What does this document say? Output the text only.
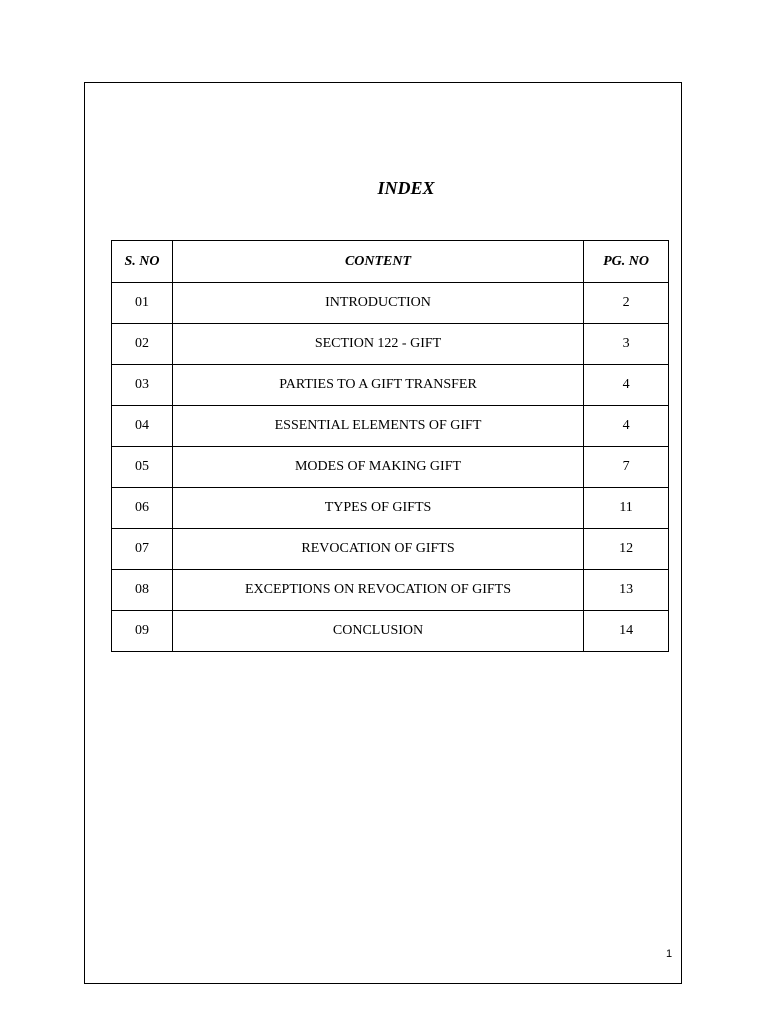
INDEX
S. NO	CONTENT	PG. NO
01	INTRODUCTION	2
02	SECTION 122 - GIFT	3
03	PARTIES TO A GIFT TRANSFER	4
04	ESSENTIAL ELEMENTS OF GIFT	4
05	MODES OF MAKING GIFT	7
06	TYPES OF GIFTS	11
07	REVOCATION OF GIFTS	12
08	EXCEPTIONS ON REVOCATION OF GIFTS	13
09	CONCLUSION	14
1
